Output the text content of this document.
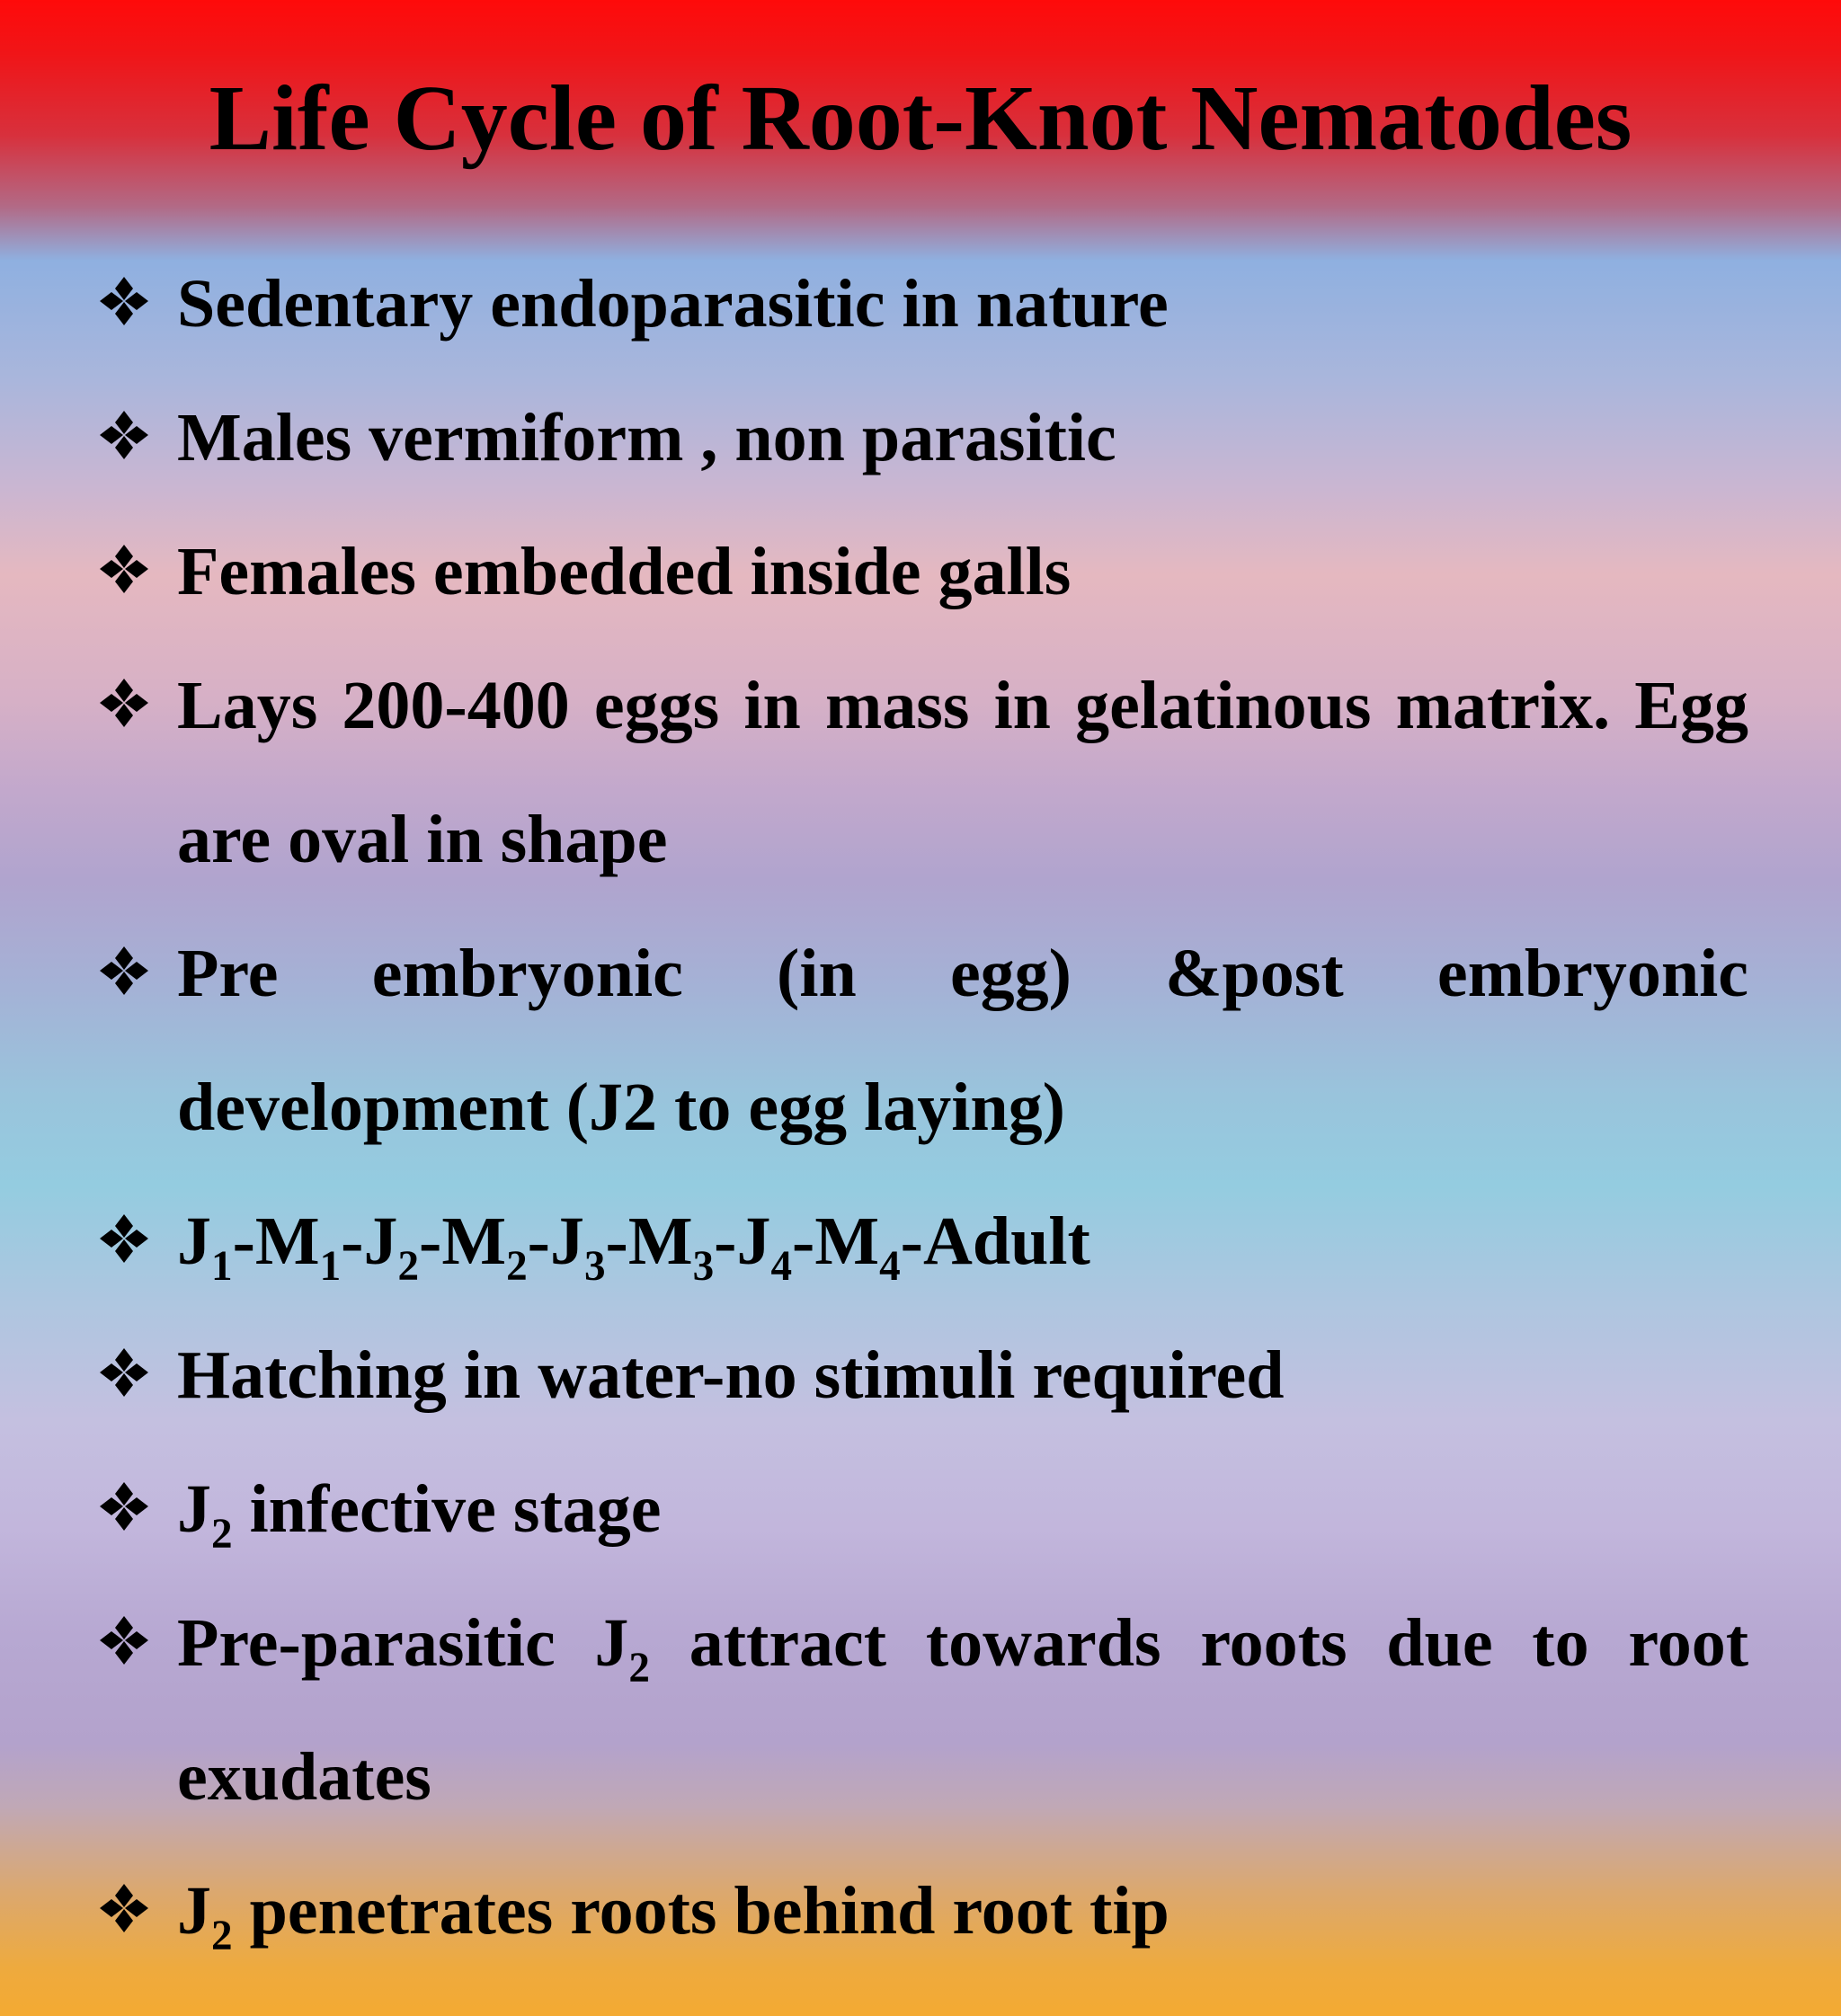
Life Cycle of Root-Knot Nematodes
Sedentary endoparasitic in nature
Males vermiform , non parasitic
Females embedded inside galls
Lays 200-400 eggs in mass in gelatinous matrix. Egg are oval in shape
Pre embryonic (in egg) &post embryonic development (J2 to egg laying)
$J_1-M_1-J_2-M_2-J_3-M_3-J_4-M_4$-Adult
Hatching in water-no stimuli required
$J_2$ infective stage
Pre-parasitic $J_2$ attract towards roots due to root exudates
$J_2$ penetrates roots behind root tip
